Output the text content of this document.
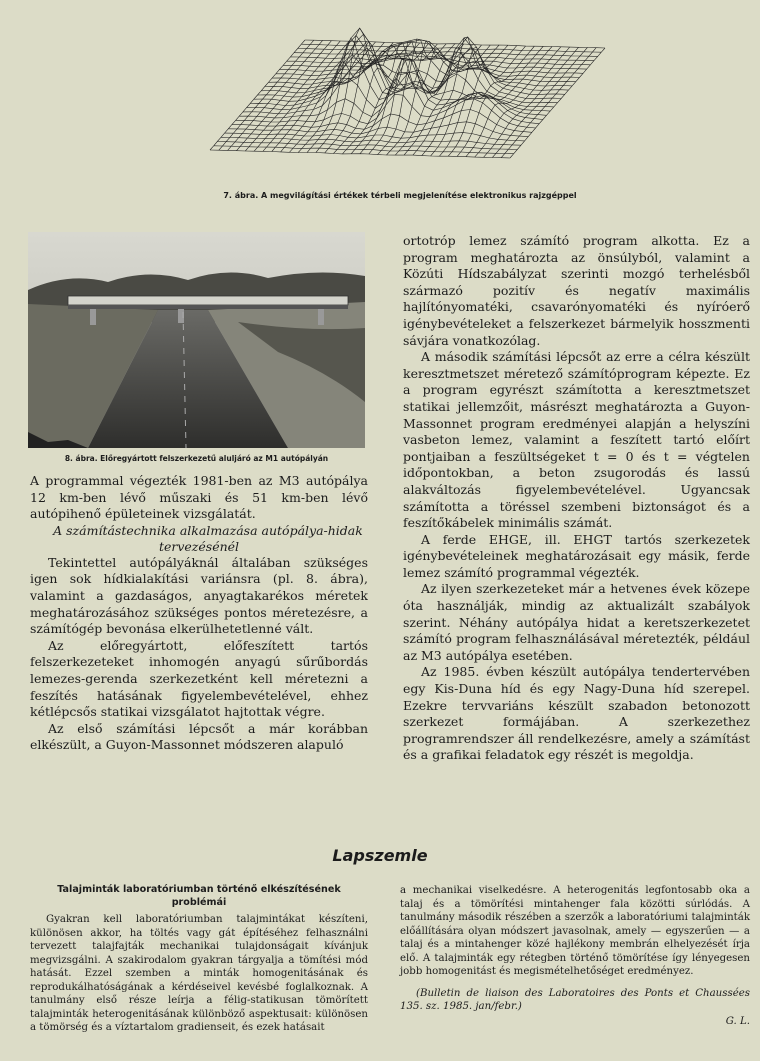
7. ábra. A megvilágítási értékek térbeli megjelenítése elektronikus rajzgéppel
8. ábra. Előregyártott felszerkezetű aluljáró az M1 autópályán

A programmal végezték 1981-ben az M3 autópálya 12 km-ben lévő műszaki és 51 km-ben lévő autópihenő épületeinek vizsgálatát.

A számítástechnika alkalmazása autópálya-hidak tervezésénél

Tekintettel autópályáknál általában szükséges igen sok hídkialakítási variánsra (pl. 8. ábra), valamint a gazdaságos, anyagtakarékos méretek meghatározásához szükséges pontos méretezésre, a számítógép bevonása elkerülhetetlenné vált.

Az előregyártott, előfeszített tartós felszerkezeteket inhomogén anyagú sűrűbordás lemezes-gerenda szerkezetként kell méretezni a feszítés hatásának figyelembevételével, ehhez kétlépcsős statikai vizsgálatot hajtottak végre.

Az első számítási lépcsőt a már korábban elkészült, a Guyon-Massonnet módszeren alapuló

ortotróp lemez számító program alkotta. Ez a program meghatározta az önsúlyból, valamint a Közúti Hídszabályzat szerinti mozgó terhelésből származó pozitív és negatív maximális hajlítónyomatéki, csavarónyomatéki és nyíróerő igénybevételeket a felszerkezet bármelyik hosszmenti sávjára vonatkozólag.

A második számítási lépcsőt az erre a célra készült keresztmetszet méretező számítóprogram képezte. Ez a program egyrészt számította a keresztmetszet statikai jellemzőit, másrészt meghatározta a Guyon-Massonnet program eredményei alapján a helyszíni vasbeton lemez, valamint a feszített tartó előírt pontjaiban a feszültségeket t = 0 és t = végtelen időpontokban, a beton zsugorodás és lassú alakváltozás figyelembevételével. Ugyancsak számította a töréssel szembeni biztonságot és a feszítőkábelek minimális számát.

A ferde EHGE, ill. EHGT tartós szerkezetek igénybevételeinek meghatározásait egy másik, ferde lemez számító programmal végezték.

Az ilyen szerkezeteket már a hetvenes évek közepe óta használják, mindig az aktualizált szabályok szerint. Néhány autópálya hidat a keretszerkezetet számító program felhasználásával méretezték, például az M3 autópálya esetében.

Az 1985. évben készült autópálya tendertervében egy Kis-Duna híd és egy Nagy-Duna híd szerepel. Ezekre tervvariáns készült szabadon betonozott szerkezet formájában. A szerkezethez programrendszer áll rendelkezésre, amely a számítást és a grafikai feladatok egy részét is megoldja.

Lapszemle
Talajminták laboratóriumban történő elkészítésének problémái

Gyakran kell laboratóriumban talajmintákat készíteni, különösen akkor, ha töltés vagy gát építéséhez felhasználni tervezett talajfajták mechanikai tulajdonságait kívánjuk megvizsgálni. A szakirodalom gyakran tárgyalja a tömítési mód hatását. Ezzel szemben a minták homogenitásának és reprodukálhatóságának a kérdéseivel kevésbé foglalkoznak. A tanulmány első része leírja a félig-statikusan tömörített talajminták heterogenitásának különböző aspektusait: különösen a tömörség és a víztartalom gradienseit, és ezek hatásait

a mechanikai viselkedésre. A heterogenitás legfontosabb oka a talaj és a tömörítési mintahenger fala közötti súrlódás. A tanulmány második részében a szerzők a laboratóriumi talajminták előállítására olyan módszert javasolnak, amely — egyszerűen — a talaj és a mintahenger közé hajlékony membrán elhelyezését írja elő. A talajminták egy rétegben történő tömörítése így lényegesen jobb homogenitást és megismételhetőséget eredményez.

(Bulletin de liaison des Laboratoires des Ponts et Chaussées 135. sz. 1985. jan/febr.)

G. L.
